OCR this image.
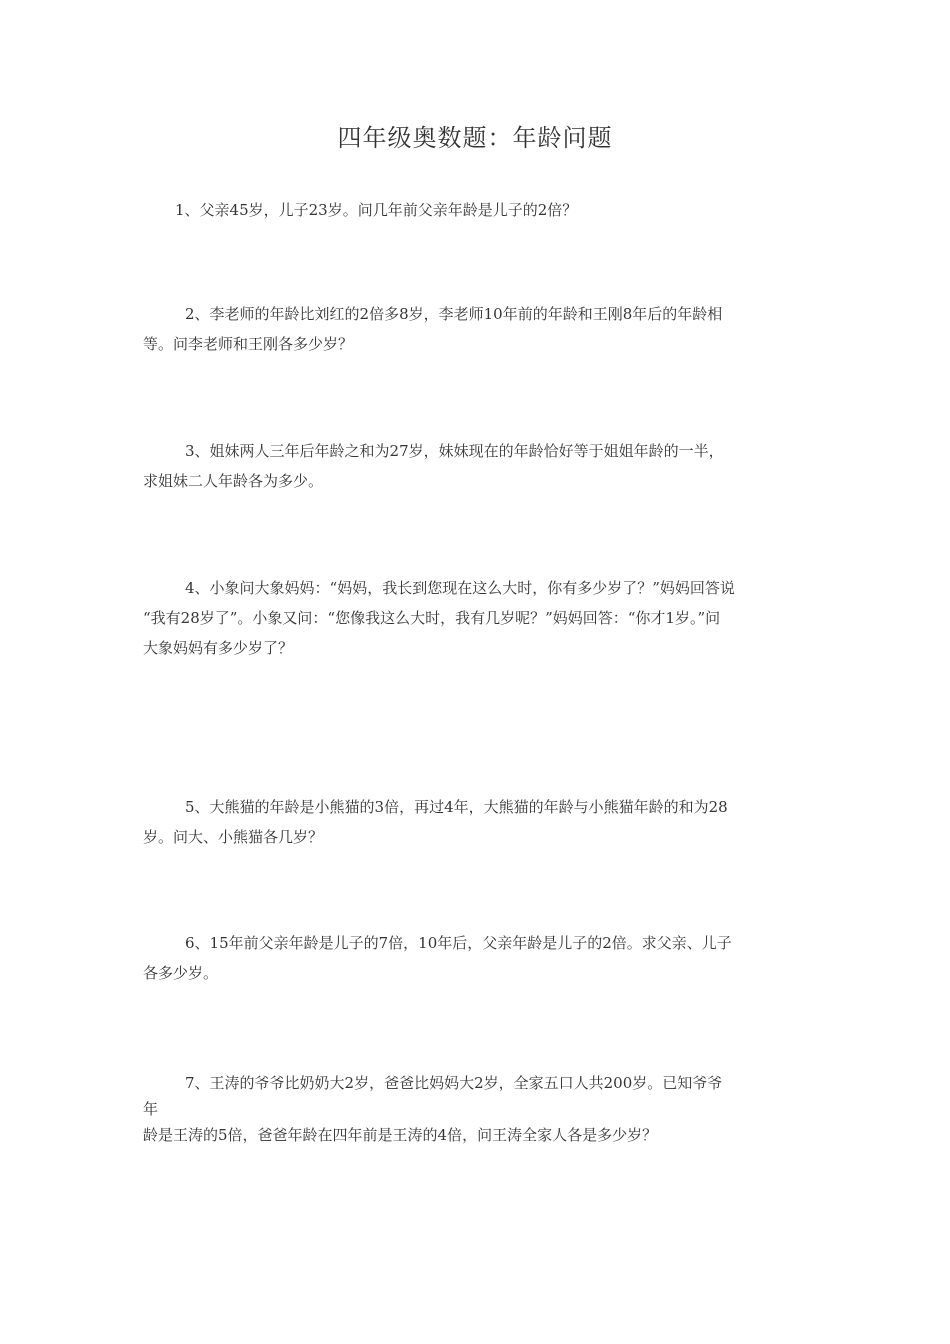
四年级奥数题：年龄问题
1、父亲45岁，儿子23岁。问几年前父亲年龄是儿子的2倍？
2、李老师的年龄比刘红的2倍多8岁，李老师10年前的年龄和王刚8年后的年龄相
等。问李老师和王刚各多少岁？
3、姐妹两人三年后年龄之和为27岁，妹妹现在的年龄恰好等于姐姐年龄的一半，
求姐妹二人年龄各为多少。
4、小象问大象妈妈：“妈妈，我长到您现在这么大时，你有多少岁了？”妈妈回答说
“我有28岁了”。小象又问：“您像我这么大时，我有几岁呢？”妈妈回答：“你才1岁。”问
大象妈妈有多少岁了？
5、大熊猫的年龄是小熊猫的3倍，再过4年，大熊猫的年龄与小熊猫年龄的和为28
岁。问大、小熊猫各几岁？
6、15年前父亲年龄是儿子的7倍，10年后，父亲年龄是儿子的2倍。求父亲、儿子
各多少岁。
7、王涛的爷爷比奶奶大2岁，爸爸比妈妈大2岁，全家五口人共200岁。已知爷爷
年
龄是王涛的5倍，爸爸年龄在四年前是王涛的4倍，问王涛全家人各是多少岁？
